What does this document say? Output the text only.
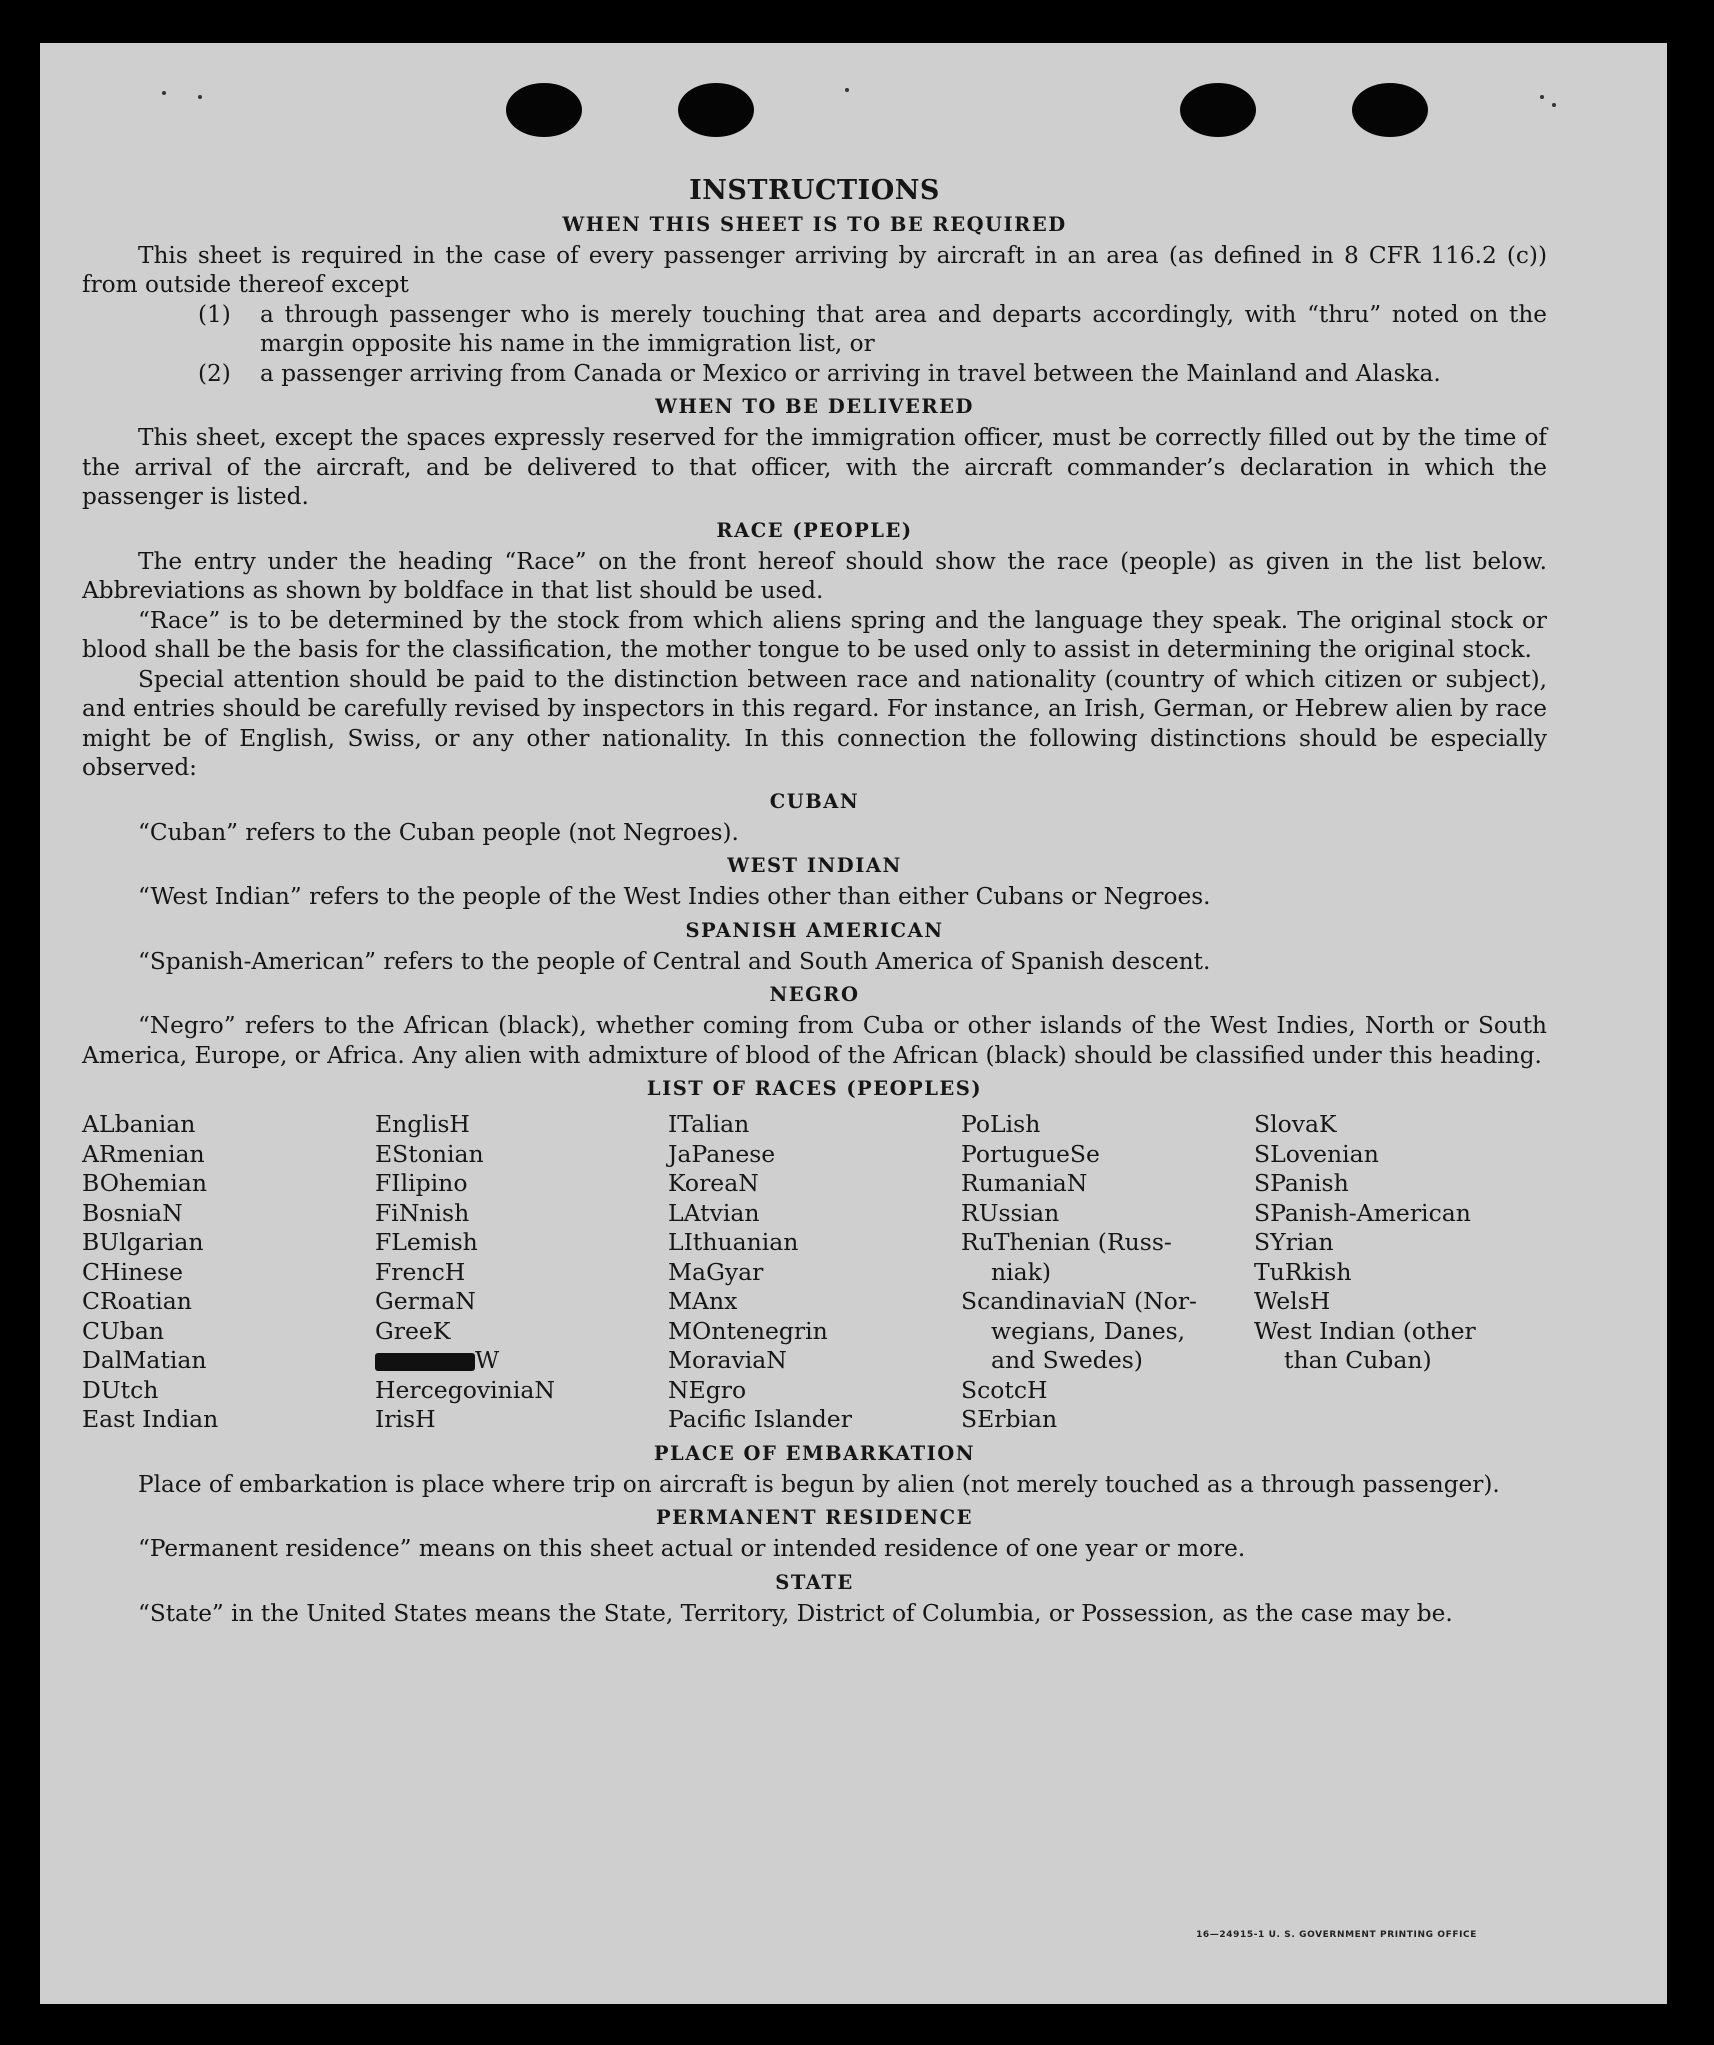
INSTRUCTIONS
WHEN THIS SHEET IS TO BE REQUIRED

This sheet is required in the case of every passenger arriving by aircraft in an area (as defined in 8 CFR 116.2 (c)) from outside thereof except

(1)	a through passenger who is merely touching that area and departs accordingly, with “thru” noted on the margin opposite his name in the immigration list, or
(2)	a passenger arriving from Canada or Mexico or arriving in travel between the Mainland and Alaska.
WHEN TO BE DELIVERED

This sheet, except the spaces expressly reserved for the immigration officer, must be correctly filled out by the time of the arrival of the aircraft, and be delivered to that officer, with the aircraft commander’s declaration in which the passenger is listed.

RACE (PEOPLE)

The entry under the heading “Race” on the front hereof should show the race (people) as given in the list below. Abbreviations as shown by boldface in that list should be used.

“Race” is to be determined by the stock from which aliens spring and the language they speak. The original stock or blood shall be the basis for the classification, the mother tongue to be used only to assist in determining the original stock.

Special attention should be paid to the distinction between race and nationality (country of which citizen or subject), and entries should be carefully revised by inspectors in this regard. For instance, an Irish, German, or Hebrew alien by race might be of English, Swiss, or any other nationality. In this connection the following distinctions should be especially observed:

CUBAN

“Cuban” refers to the Cuban people (not Negroes).

WEST INDIAN

“West Indian” refers to the people of the West Indies other than either Cubans or Negroes.

SPANISH AMERICAN

“Spanish-American” refers to the people of Central and South America of Spanish descent.

NEGRO

“Negro” refers to the African (black), whether coming from Cuba or other islands of the West Indies, North or South America, Europe, or Africa. Any alien with admixture of blood of the African (black) should be classified under this heading.

LIST OF RACES (PEOPLES)
ALbanian
ARmenian
BOhemian
BosniaN
BUlgarian
CHinese
CRoatian
CUban
DalMatian
DUtch
East Indian
EnglisH
EStonian
FIlipino
FiNnish
FLemish
FrencH
GermaN
GreeK
W
HercegoviniaN
IrisH
ITalian
JaPanese
KoreaN
LAtvian
LIthuanian
MaGyar
MAnx
MOntenegrin
MoraviaN
NEgro
Pacific Islander
PoLish
PortugueSe
RumaniaN
RUssian
RuThenian (Russ-
niak)
ScandinaviaN (Nor-
wegians, Danes,
and Swedes)
ScotcH
SErbian
SlovaK
SLovenian
SPanish
SPanish-American
SYrian
TuRkish
WelsH
West Indian (other
than Cuban)
PLACE OF EMBARKATION

Place of embarkation is place where trip on aircraft is begun by alien (not merely touched as a through passenger).

PERMANENT RESIDENCE

“Permanent residence” means on this sheet actual or intended residence of one year or more.

STATE

“State” in the United States means the State, Territory, District of Columbia, or Possession, as the case may be.

16—24915-1 U. S. GOVERNMENT PRINTING OFFICE
